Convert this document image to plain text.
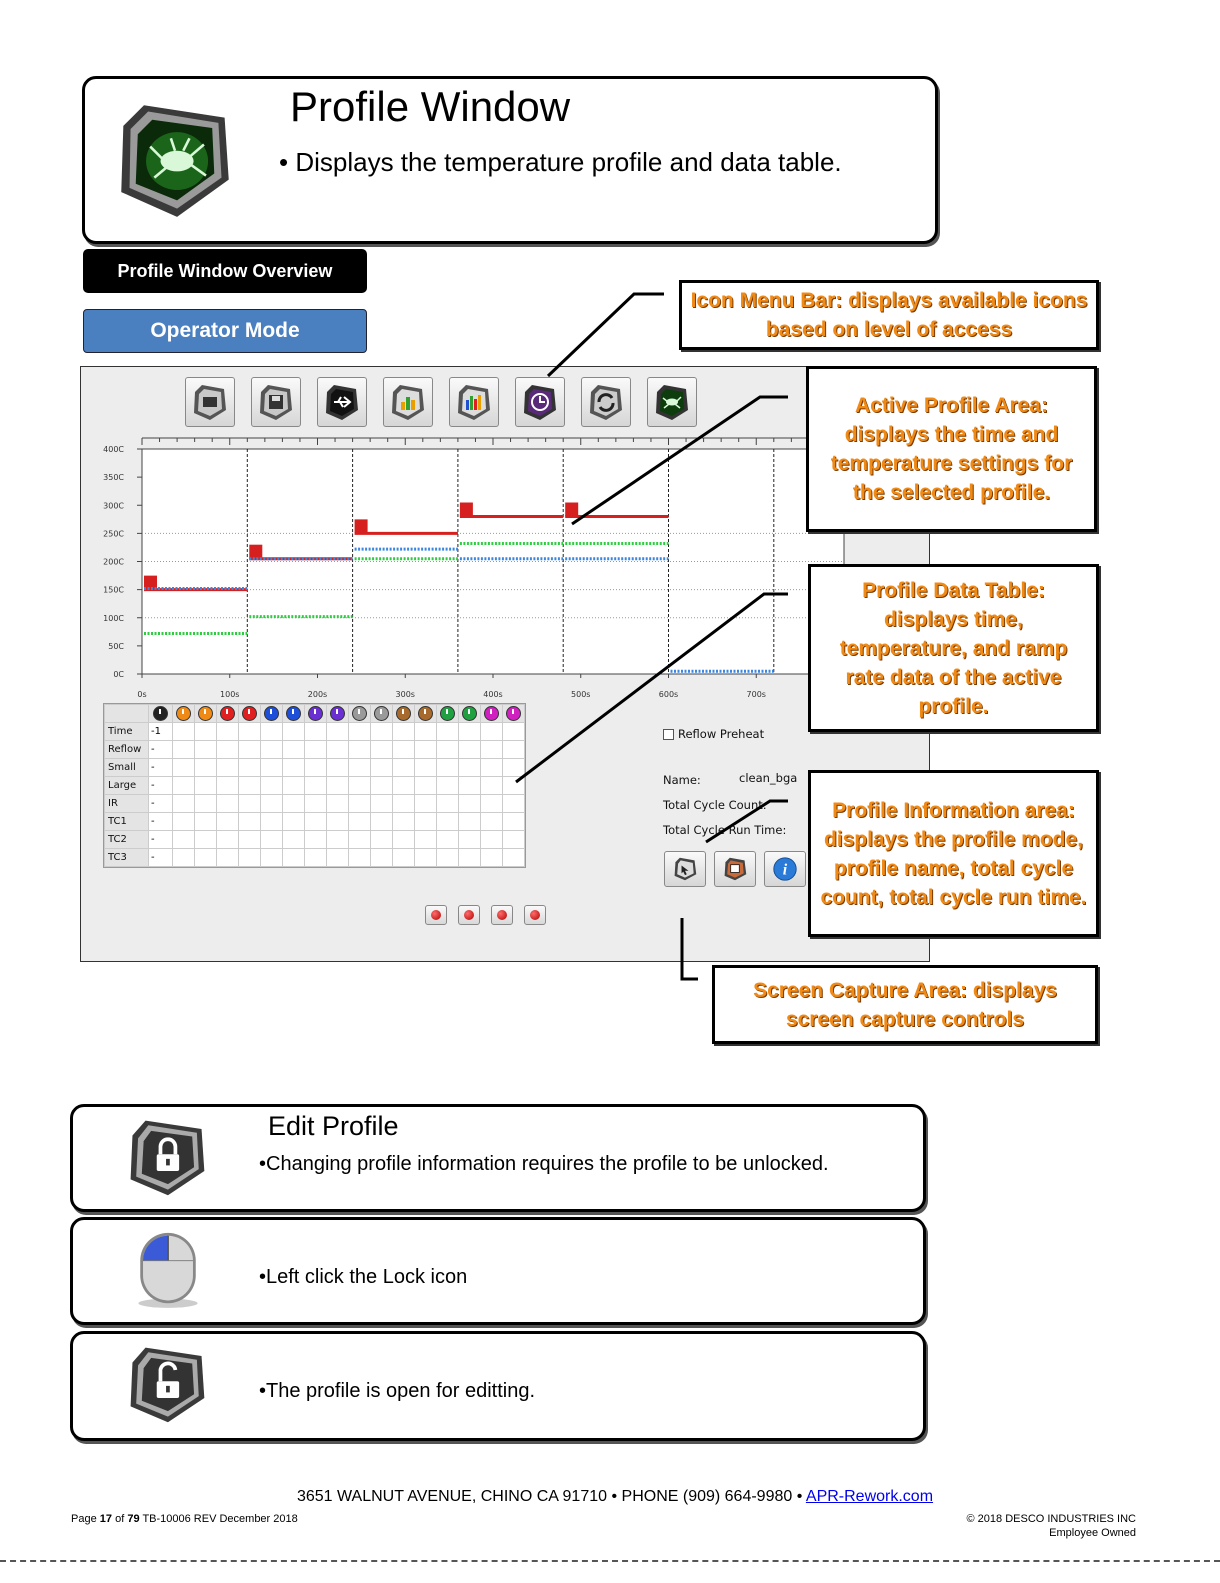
Profile Window
• Displays the temperature profile and data table.
Profile Window Overview
Operator Mode
0C
50C
100C
150C
200C
250C
300C
350C
400C
0s	100s	200s	300s	400s	500s	600s	700s

Time	-1																
Reflow	-																
Small	-																
Large	-																
IR	-																
TC1	-																
TC2	-																
TC3	-																
Reflow Preheat
Name:	clean_bga
Total Cycle Count:
Total Cycle Run Time:
i
Icon Menu Bar: displays available icons based on level of access
Active Profile Area: displays the time and temperature settings for the selected profile.
Profile Data Table: displays time, temperature, and ramp rate data of the active profile.
Profile Information area: displays the profile mode, profile name, total cycle count, total cycle run time.
Screen Capture Area: displays screen capture controls
Edit Profile
•Changing profile information requires the profile to be unlocked.
•Left click the Lock icon
•The profile is open for editting.
3651 WALNUT AVENUE, CHINO CA 91710 • PHONE (909) 664-9980 • APR-Rework.com
Page 17 of 79 TB-10006 REV December 2018	© 2018 DESCO INDUSTRIES INC
Employee Owned
